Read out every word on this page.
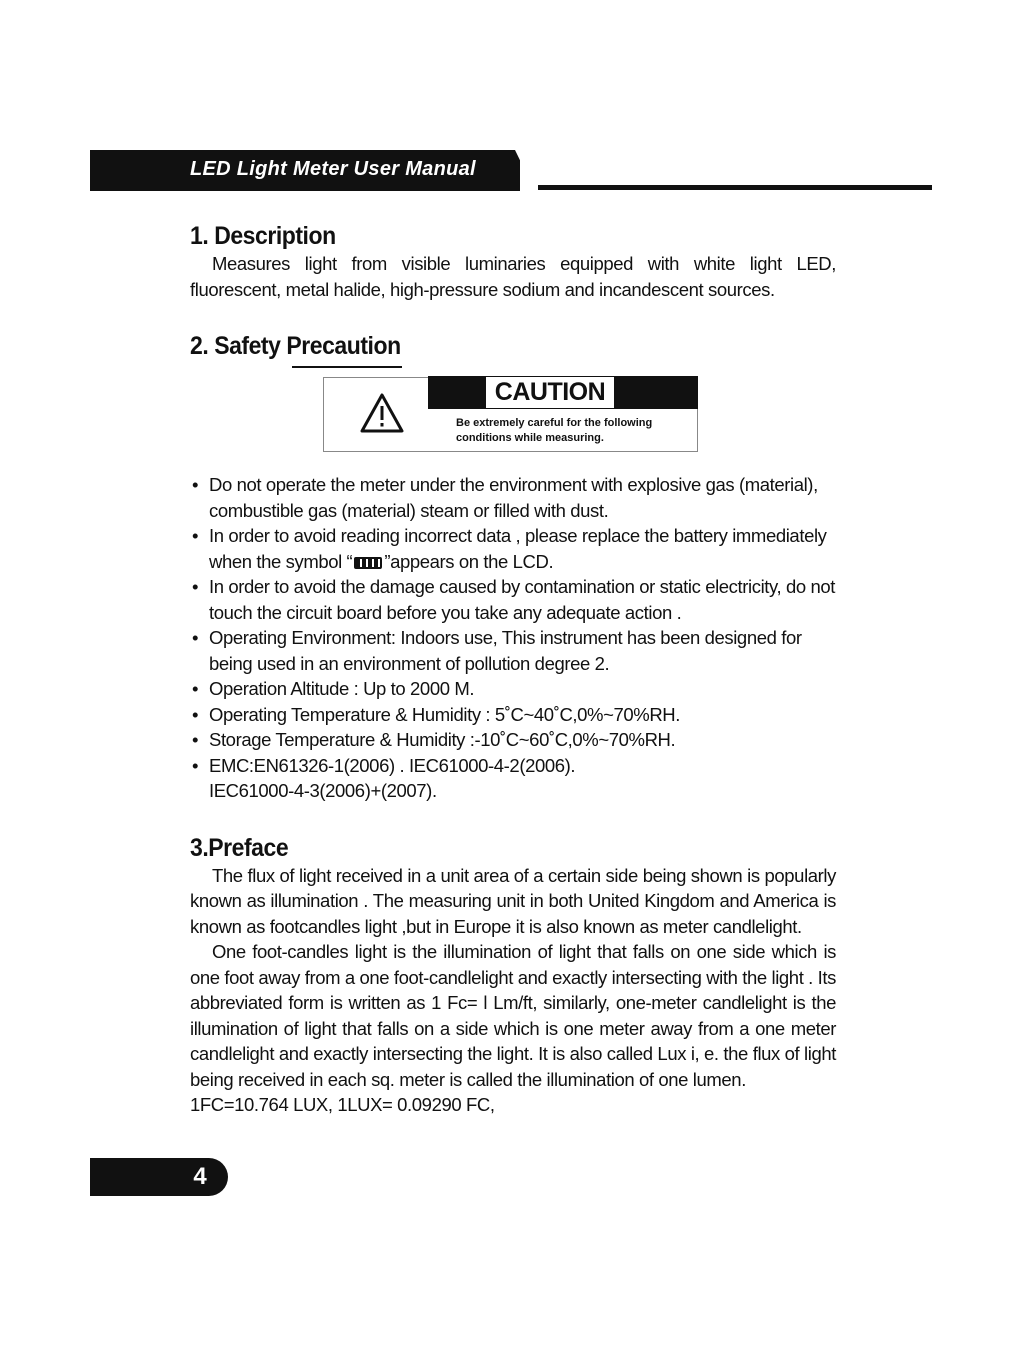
LED Light Meter User Manual
1. Description

Measures light from visible luminaries equipped with white light LED, fluorescent, metal halide, high-pressure sodium and incandescent sources.

2. Safety Precaution
CAUTION
Be extremely careful for the following conditions while measuring.
• Do not operate the meter under the environment with explosive gas (material), combustible gas (material) steam or filled with dust.
• In order to avoid reading incorrect data , please replace the battery immediately when the symbol “ ”appears on the LCD.
• In order to avoid the damage caused by contamination or static electricity, do not touch the circuit board before you take any adequate action .
• Operating Environment: Indoors use, This instrument has been designed for being used in an environment of pollution degree 2.
• Operation Altitude : Up to 2000 M.
• Operating Temperature & Humidity : 5˚C~40˚C,0%~70%RH.
• Storage Temperature & Humidity :-10˚C~60˚C,0%~70%RH.
• EMC:EN61326-1(2006) . IEC61000-4-2(2006).
IEC61000-4-3(2006)+(2007).
3.Preface

The flux of light received in a unit area of a certain side being shown is popularly known as illumination . The measuring unit in both United Kingdom and America is known as footcandles light ,but in Europe it is also known as meter candlelight.

One foot-candles light is the illumination of light that falls on one side which is one foot away from a one foot-candlelight and exactly intersecting with the light . Its abbreviated form is written as 1 Fc= l Lm/ft, similarly, one-meter candlelight is the illumination of light that falls on a side which is one meter away from a one meter candlelight and exactly intersecting the light. It is also called Lux i, e. the flux of light being received in each sq. meter is called the illumination of one lumen.

1FC=10.764 LUX, 1LUX= 0.09290 FC,

4
